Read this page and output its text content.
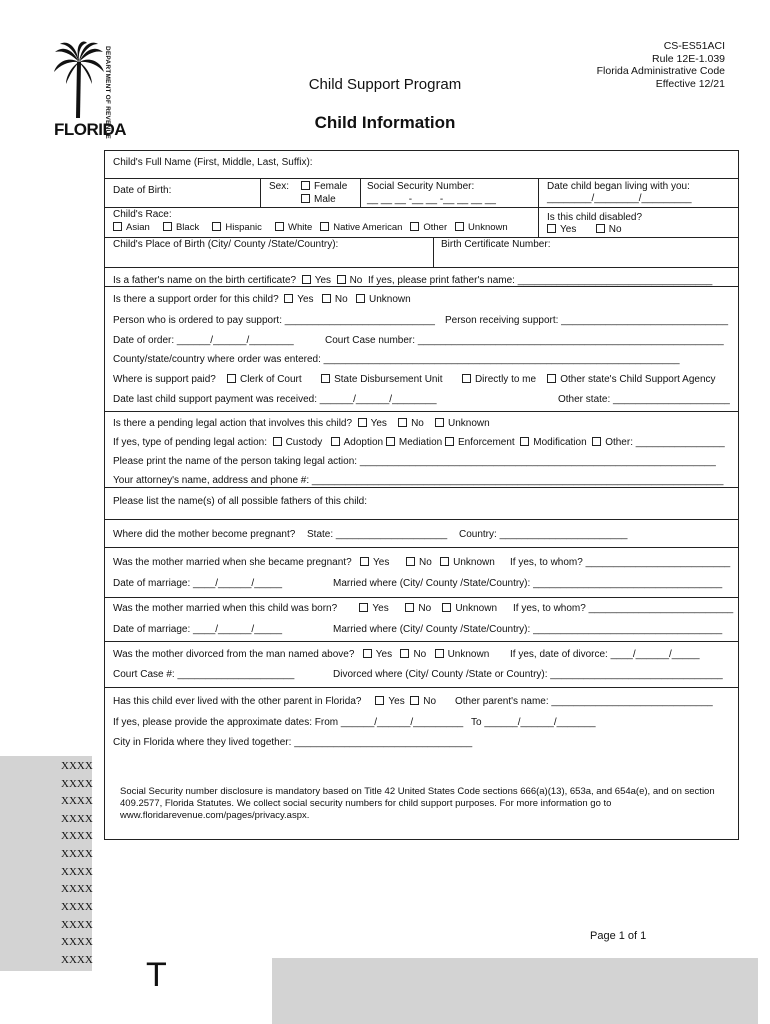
DEPARTMENT OF REVENUE
FLORIDA
CS-ES51ACI
Rule 12E-1.039
Florida Administrative Code
Effective 12/21
Child Support Program
Child Information
Child's Full Name (First, Middle, Last, Suffix):
Date of Birth:	Sex:	Female
Male
Social Security Number:
__ __ __ -__ __ -__ __ __ __
Date child began living with you:
________/________/_________
Child's Race:
Asian	Black	Hispanic	White Native American Other Unknown
Is this child disabled?
Yes	No
Child's Place of Birth (City/ County /State/Country):	Birth Certificate Number:
Is a father's name on the birth certificate? Yes No If yes, please print father's name: ___________________________________
Is there a support order for this child? Yes No Unknown
Person who is ordered to pay support: ___________________________ Person receiving support: ______________________________
Date of order: ______/______/________	Court Case number: _______________________________________________________
County/state/country where order was entered: ________________________________________________________________
Where is support paid? Clerk of Court	State Disbursement Unit	Directly to me Other state's Child Support Agency
Date last child support payment was received: ______/______/________	Other state: _____________________
Is there a pending legal action that involves this child? Yes No Unknown
If yes, type of pending legal action: Custody Adoption Mediation Enforcement Modification Other: ________________
Please print the name of the person taking legal action: ________________________________________________________________
Your attorney's name, address and phone #: __________________________________________________________________________
Please list the name(s) of all possible fathers of this child:
Where did the mother become pregnant? State: ____________________ Country: _______________________
Was the mother married when she became pregnant? Yes	No Unknown If yes, to whom? __________________________
Date of marriage: ____/______/_____	Married where (City/ County /State/Country): __________________________________
Was the mother married when this child was born?	Yes	No Unknown If yes, to whom? __________________________
Date of marriage: ____/______/_____	Married where (City/ County /State/Country): __________________________________
Was the mother divorced from the man named above? Yes No Unknown If yes, date of divorce: ____/______/_____
Court Case #: _____________________	Divorced where (City/ County /State or Country): _______________________________
Has this child ever lived with the other parent in Florida?	Yes No Other parent's name: _____________________________
If yes, please provide the approximate dates: From ______/______/_________ To ______/______/_______
City in Florida where they lived together: ________________________________
XXXX
XXXX
XXXX
XXXX
XXXX
XXXX
XXXX
XXXX
XXXX
XXXX
XXXX
XXXX
Social Security number disclosure is mandatory based on Title 42 United States Code sections 666(a)(13), 653a, and 654a(e), and on section 409.2577, Florida Statutes. We collect social security numbers for child support purposes. For more information go to www.floridarevenue.com/pages/privacy.aspx.
Page 1 of 1
T
